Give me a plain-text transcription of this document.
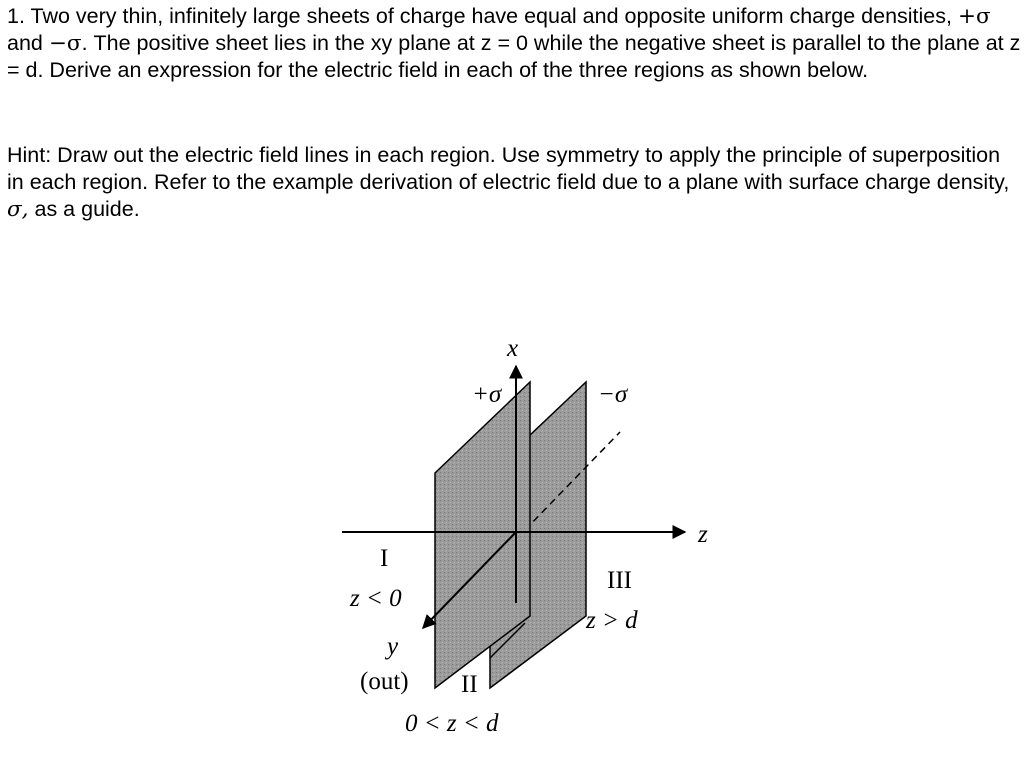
1. Two very thin, infinitely large sheets of charge have equal and opposite uniform charge densities, +σ and −σ. The positive sheet lies in the xy plane at z = 0 while the negative sheet is parallel to the plane at z = d. Derive an expression for the electric field in each of the three regions as shown below.
Hint: Draw out the electric field lines in each region. Use symmetry to apply the principle of superposition in each region. Refer to the example derivation of electric field due to a plane with surface charge density, σ, as a guide.
x
z
y
(out)
+σ	−σ
I
z < 0
II
0 < z < d
III
z > d
